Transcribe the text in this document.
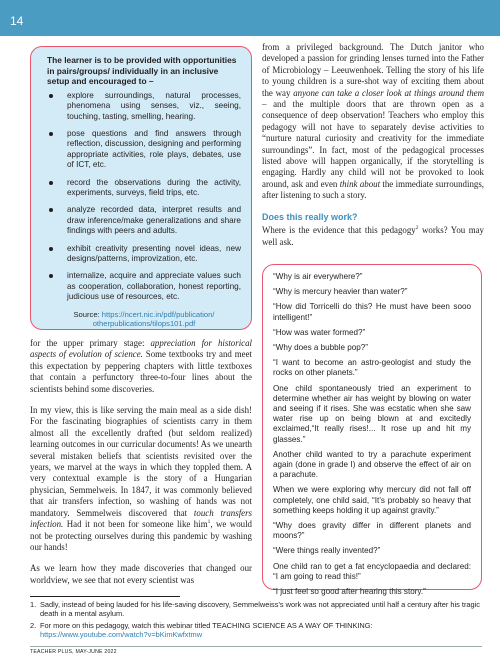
14

The learner is to be provided with opportunities in pairs/groups/ individually in an inclusive setup and encouraged to –

explore surroundings, natural processes, phenomena using senses, viz., seeing, touching, tasting, smelling, hearing.
pose questions and find answers through reflection, discussion, designing and performing appropriate activities, role plays, debates, use of ICT, etc.
record the observations during the activity, experiments, surveys, field trips, etc.
analyze recorded data, interpret results and draw inference/make generalizations and share findings with peers and adults.
exhibit creativity presenting novel ideas, new designs/patterns, improvization, etc.
internalize, acquire and appreciate values such as cooperation, collaboration, honest reporting, judicious use of resources, etc.

Source: https://ncert.nic.in/pdf/publication/ otherpublications/tilops101.pdf

for the upper primary stage: appreciation for historical aspects of evolution of science. Some textbooks try and meet this expectation by peppering chapters with little textboxes that contain a perfunctory three-to-four lines about the scientists behind some discoveries.

In my view, this is like serving the main meal as a side dish! For the fascinating biographies of scientists carry in them almost all the excellently drafted (but seldom realized) learning outcomes in our curricular documents! As we unearth several mistaken beliefs that scientists revisited over the years, we marvel at the ways in which they toppled them. A very contextual example is the story of a Hungarian physician, Semmelweis. In 1847, it was commonly believed that air transfers infection, so washing of hands was not mandatory. Semmelweis discovered that touch transfers infection. Had it not been for someone like him$^1$, we would not be protecting ourselves during this pandemic by washing our hands!

As we learn how they made discoveries that changed our worldview, we see that not every scientist was

from a privileged background. The Dutch janitor who developed a passion for grinding lenses turned into the Father of Microbiology – Leeuwenhoek. Telling the story of his life to young children is a sure-shot way of exciting them about the way anyone can take a closer look at things around them – and the multiple doors that are thrown open as a consequence of deep observation! Teachers who employ this pedagogy will not have to separately devise activities to “nurture natural curiosity and creativity for the immediate surroundings”. In fact, most of the pedagogical processes listed above will happen organically, if the storytelling is engaging. Hardly any child will not be provoked to look around, ask and even think about the immediate surroundings, after listening to such a story.

Does this really work?

Where is the evidence that this pedagogy$^2$ works? You may well ask.

“Why is air everywhere?”

“Why is mercury heavier than water?”

“How did Torricelli do this? He must have been sooo intelligent!”

“How was water formed?”

“Why does a bubble pop?”

“I want to become an astro-geologist and study the rocks on other planets.”

One child spontaneously tried an experiment to determine whether air has weight by blowing on water and seeing if it rises. She was ecstatic when she saw water rise up on being blown at and excitedly exclaimed,“It really rises!... It rose up and hit my glasses.”

Another child wanted to try a parachute experiment again (done in grade I) and observe the effect of air on a parachute.

When we were exploring why mercury did not fall off completely, one child said, “It’s probably so heavy that something keeps holding it up against gravity.”

“Why does gravity differ in different planets and moons?”

“Were things really invented?”

One child ran to get a fat encyclopaedia and declared: “I am going to read this!”

“I just feel so good after hearing this story.”

1. Sadly, instead of being lauded for his life-saving discovery, Semmelweiss’s work was not appreciated until half a century after his tragic death in a mental asylum.
2. For more on this pedagogy, watch this webinar titled TEACHING SCIENCE AS A WAY OF THINKING:
https://www.youtube.com/watch?v=bKimKwfxtmw
TEACHER PLUS, MAY-JUNE 2022
